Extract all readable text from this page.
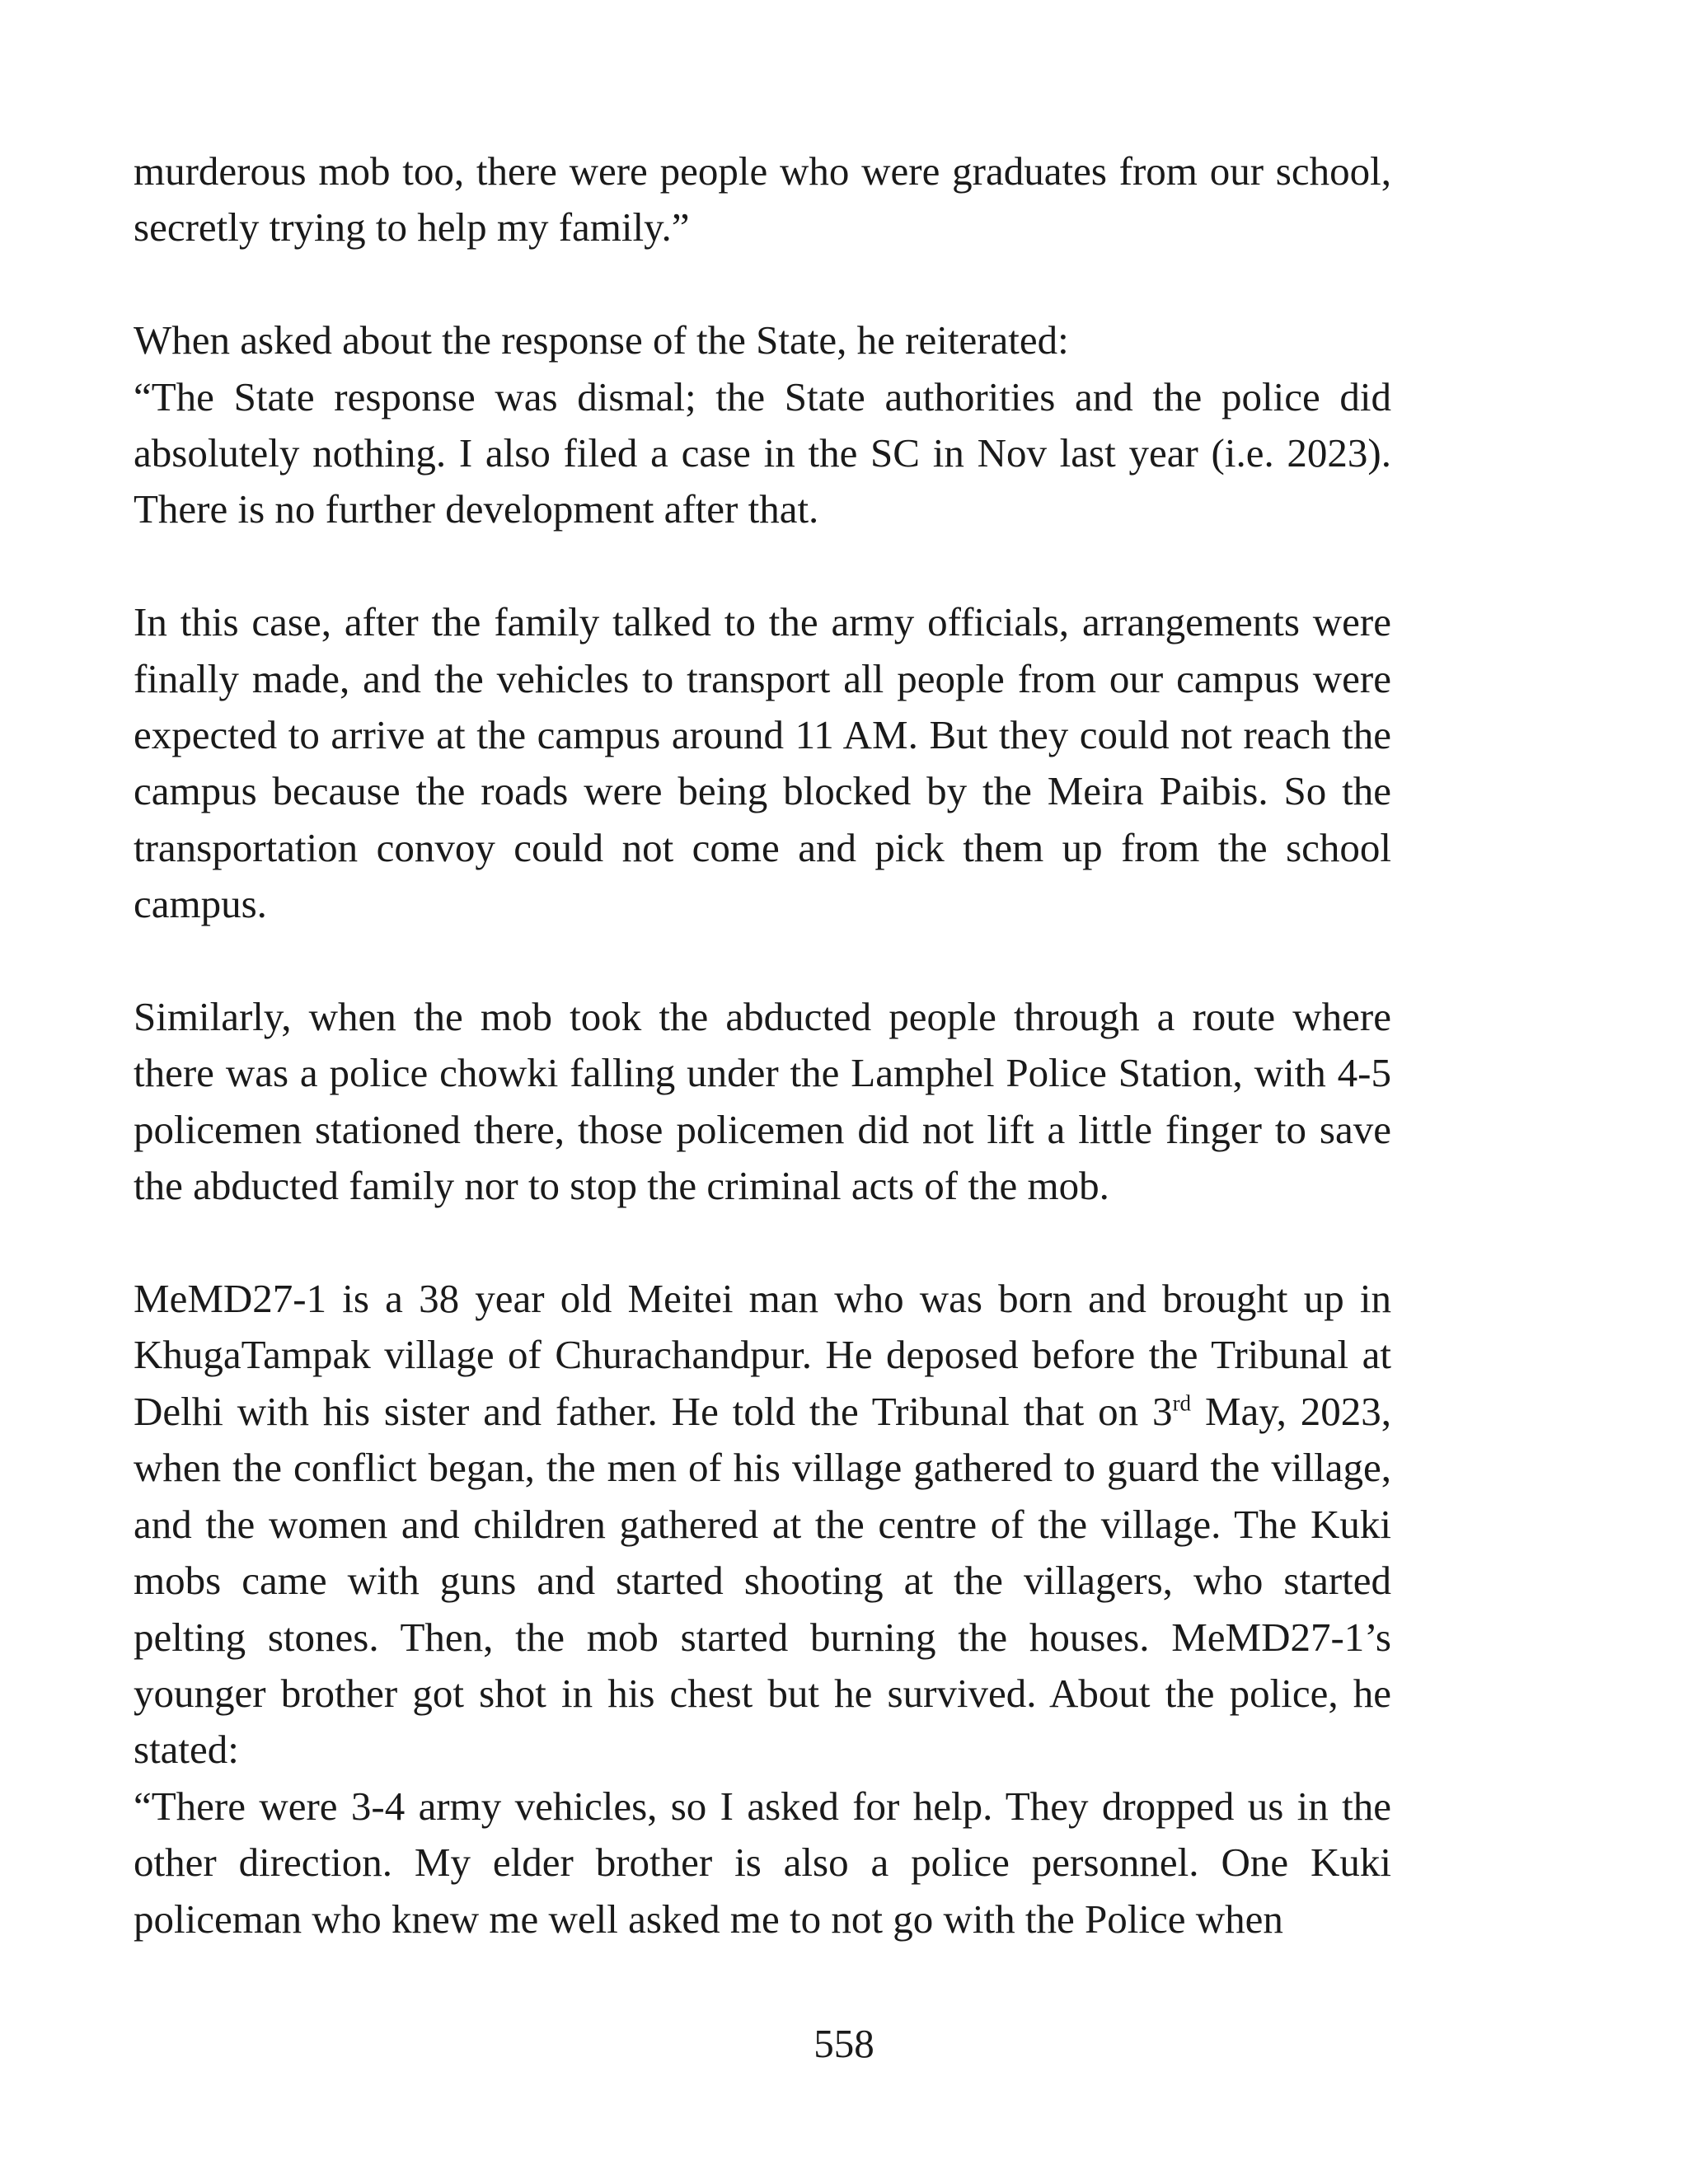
murderous mob too, there were people who were graduates from our school, secretly trying to help my family.”

When asked about the response of the State, he reiterated:

“The State response was dismal; the State authorities and the police did absolutely nothing. I also filed a case in the SC in Nov last year (i.e. 2023). There is no further development after that.

In this case, after the family talked to the army officials, arrangements were finally made, and the vehicles to transport all people from our campus were expected to arrive at the campus around 11 AM. But they could not reach the campus because the roads were being blocked by the Meira Paibis. So the transportation convoy could not come and pick them up from the school campus.

Similarly, when the mob took the abducted people through a route where there was a police chowki falling under the Lamphel Police Station, with 4-5 policemen stationed there, those policemen did not lift a little finger to save the abducted family nor to stop the criminal acts of the mob.

MeMD27-1 is a 38 year old Meitei man who was born and brought up in KhugaTampak village of Churachandpur. He deposed before the Tribunal at Delhi with his sister and father. He told the Tribunal that on 3rd May, 2023, when the conflict began, the men of his village gathered to guard the village, and the women and children gathered at the centre of the village. The Kuki mobs came with guns and started shooting at the villagers, who started pelting stones. Then, the mob started burning the houses. MeMD27-1’s younger brother got shot in his chest but he survived. About the police, he stated:

“There were 3-4 army vehicles, so I asked for help. They dropped us in the other direction. My elder brother is also a police personnel. One Kuki policeman who knew me well asked me to not go with the Police when

558
